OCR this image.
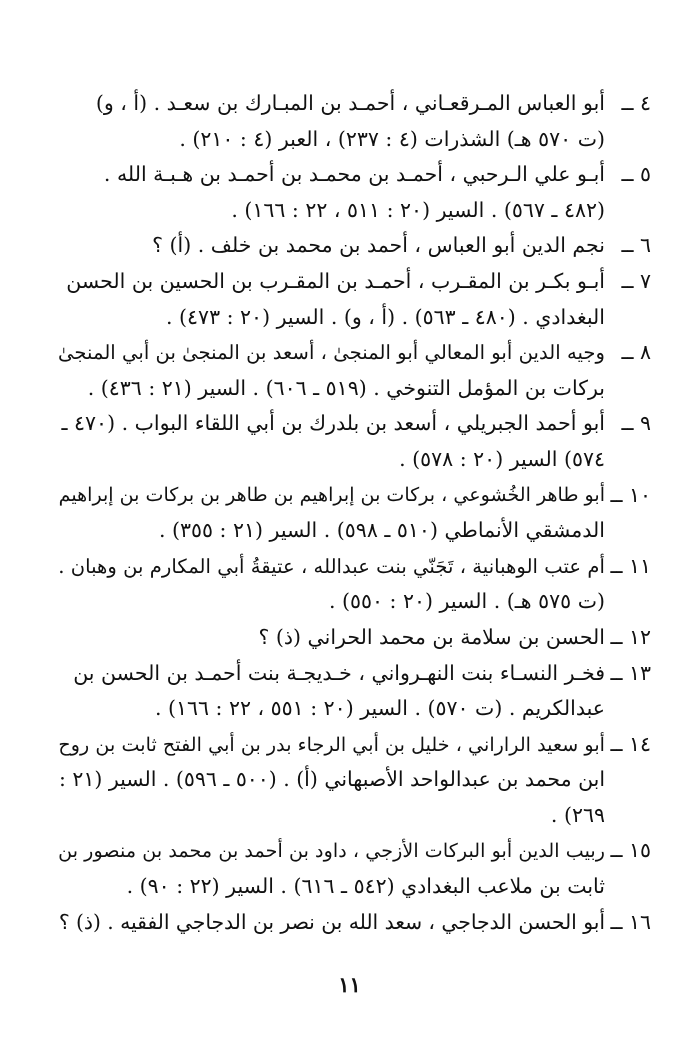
٤ ــ
أبو العباس المـرقعـاني ، أحمـد بن المبـارك بن سعـد . (أ ، و)
(ت ٥٧٠ هـ) الشذرات (٤ : ٢٣٧) ، العبر (٤ : ٢١٠) .
٥ ــ
أبـو علي الـرحبي ، أحمـد بن محمـد بن أحمـد بن هـبـة الله .
(٤٨٢ ـ ٥٦٧) . السير (٢٠ : ٥١١ ، ٢٢ : ١٦٦) .
٦ ــ
نجم الدين أبو العباس ، أحمد بن محمد بن خلف . (أ) ؟
٧ ــ
أبـو بكـر بن المقـرب ، أحمـد بن المقـرب بن الحسين بن الحسن
البغدادي . (٤٨٠ ـ ٥٦٣) . (أ ، و) . السير (٢٠ : ٤٧٣) .
٨ ــ
وجيه الدين أبو المعالي أبو المنجىٰ ، أسعد بن المنجىٰ بن أبي المنجىٰ
بركات بن المؤمل التنوخي . (٥١٩ ـ ٦٠٦) . السير (٢١ : ٤٣٦) .
٩ ــ
أبو أحمد الجبريلي ، أسعد بن بلدرك بن أبي اللقاء البواب . (٤٧٠ ـ
٥٧٤) السير (٢٠ : ٥٧٨) .
١٠ ــ
أبو طاهر الخُشوعي ، بركات بن إبراهيم بن طاهر بن بركات بن إبراهيم
الدمشقي الأنماطي (٥١٠ ـ ٥٩٨) . السير (٢١ : ٣٥٥) .
١١ ــ
أم عتب الوهبانية ، تَجَنّي بنت عبدالله ، عتيقةُ أبي المكارم بن وهبان .
(ت ٥٧٥ هـ) . السير (٢٠ : ٥٥٠) .
١٢ ــ
الحسن بن سلامة بن محمد الحراني (ذ) ؟
١٣ ــ
فخـر النسـاء بنت النهـرواني ، خـديجـة بنت أحمـد بن الحسن بن
عبدالكريم . (ت ٥٧٠) . السير (٢٠ : ٥٥١ ، ٢٢ : ١٦٦) .
١٤ ــ
أبو سعيد الراراني ، خليل بن أبي الرجاء بدر بن أبي الفتح ثابت بن روح
ابن محمد بن عبدالواحد الأصبهاني (أ) . (٥٠٠ ـ ٥٩٦) . السير (٢١ :
٢٦٩) .
١٥ ــ
ربيب الدين أبو البركات الأزجي ، داود بن أحمد بن محمد بن منصور بن
ثابت بن ملاعب البغدادي (٥٤٢ ـ ٦١٦) . السير (٢٢ : ٩٠) .
١٦ ــ
أبو الحسن الدجاجي ، سعد الله بن نصر بن الدجاجي الفقيه . (ذ) ؟
١١
